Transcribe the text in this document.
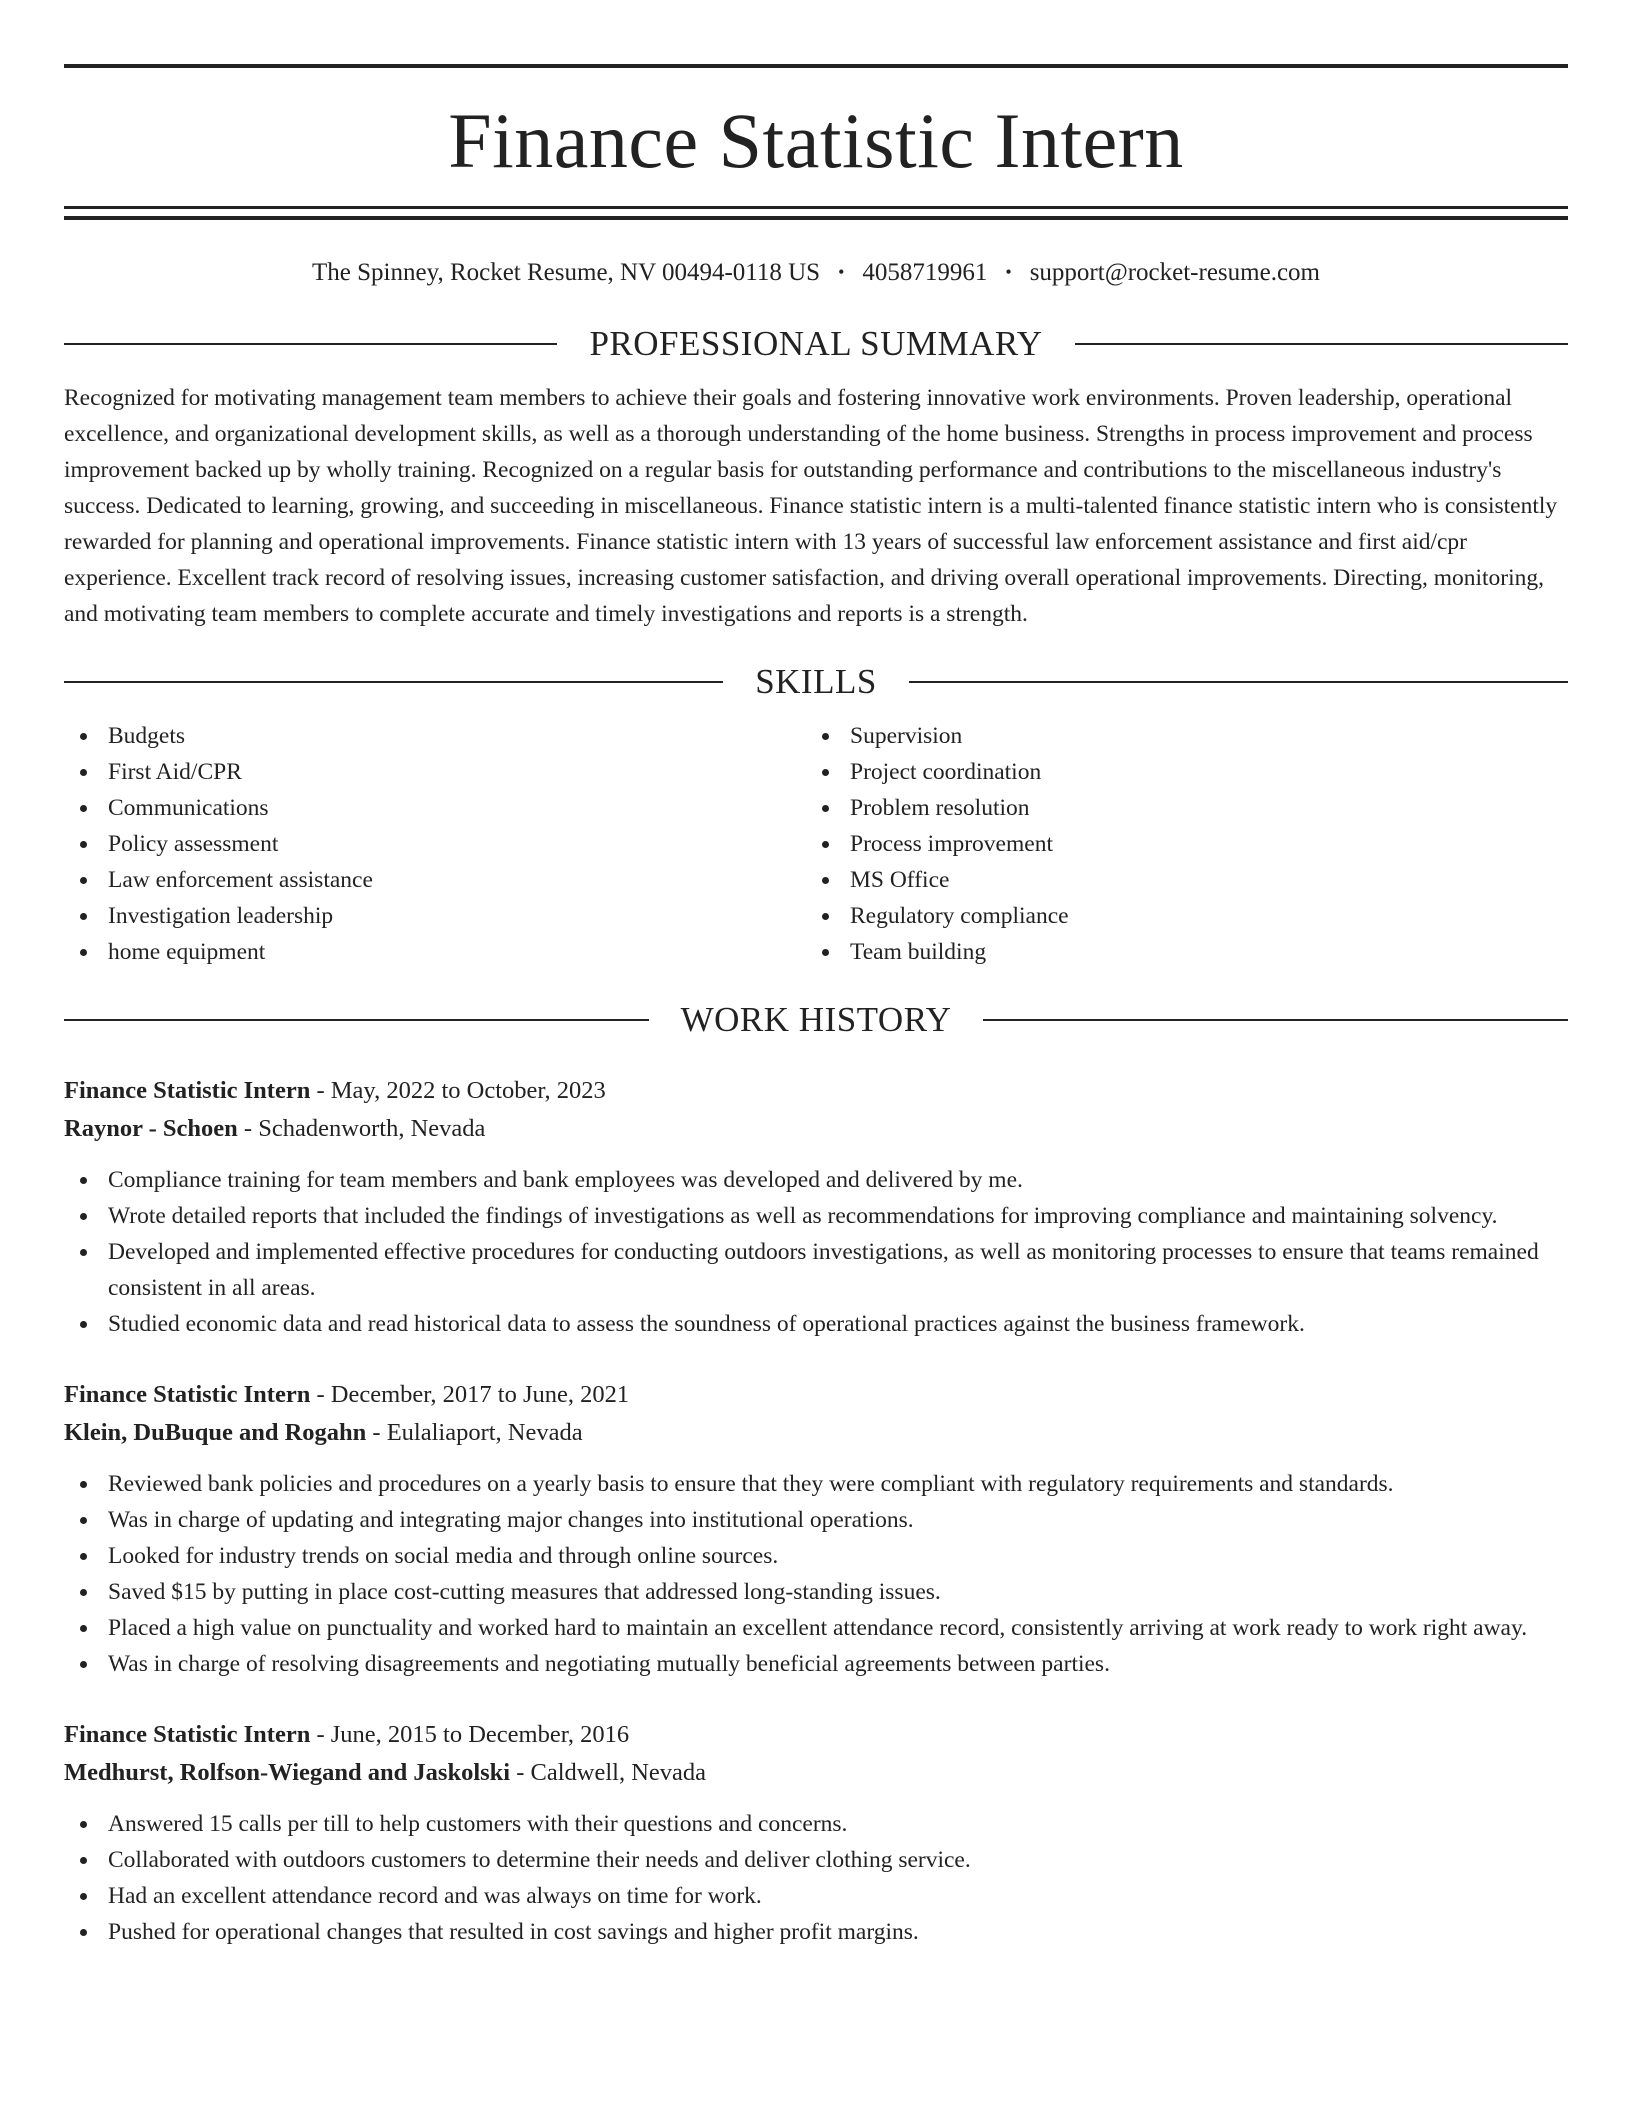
Finance Statistic Intern
The Spinney, Rocket Resume, NV 00494-0118 US • 4058719961 • support@rocket-resume.com
PROFESSIONAL SUMMARY

Recognized for motivating management team members to achieve their goals and fostering innovative work environments. Proven leadership, operational excellence, and organizational development skills, as well as a thorough understanding of the home business. Strengths in process improvement and process improvement backed up by wholly training. Recognized on a regular basis for outstanding performance and contributions to the miscellaneous industry's success. Dedicated to learning, growing, and succeeding in miscellaneous. Finance statistic intern is a multi-talented finance statistic intern who is consistently rewarded for planning and operational improvements. Finance statistic intern with 13 years of successful law enforcement assistance and first aid/cpr experience. Excellent track record of resolving issues, increasing customer satisfaction, and driving overall operational improvements. Directing, monitoring, and motivating team members to complete accurate and timely investigations and reports is a strength.

SKILLS
Budgets
First Aid/CPR
Communications
Policy assessment
Law enforcement assistance
Investigation leadership
home equipment
Supervision
Project coordination
Problem resolution
Process improvement
MS Office
Regulatory compliance
Team building
WORK HISTORY
Finance Statistic Intern - May, 2022 to October, 2023
Raynor - Schoen - Schadenworth, Nevada
Compliance training for team members and bank employees was developed and delivered by me.
Wrote detailed reports that included the findings of investigations as well as recommendations for improving compliance and maintaining solvency.
Developed and implemented effective procedures for conducting outdoors investigations, as well as monitoring processes to ensure that teams remained consistent in all areas.
Studied economic data and read historical data to assess the soundness of operational practices against the business framework.
Finance Statistic Intern - December, 2017 to June, 2021
Klein, DuBuque and Rogahn - Eulaliaport, Nevada
Reviewed bank policies and procedures on a yearly basis to ensure that they were compliant with regulatory requirements and standards.
Was in charge of updating and integrating major changes into institutional operations.
Looked for industry trends on social media and through online sources.
Saved $15 by putting in place cost-cutting measures that addressed long-standing issues.
Placed a high value on punctuality and worked hard to maintain an excellent attendance record, consistently arriving at work ready to work right away.
Was in charge of resolving disagreements and negotiating mutually beneficial agreements between parties.
Finance Statistic Intern - June, 2015 to December, 2016
Medhurst, Rolfson-Wiegand and Jaskolski - Caldwell, Nevada
Answered 15 calls per till to help customers with their questions and concerns.
Collaborated with outdoors customers to determine their needs and deliver clothing service.
Had an excellent attendance record and was always on time for work.
Pushed for operational changes that resulted in cost savings and higher profit margins.
